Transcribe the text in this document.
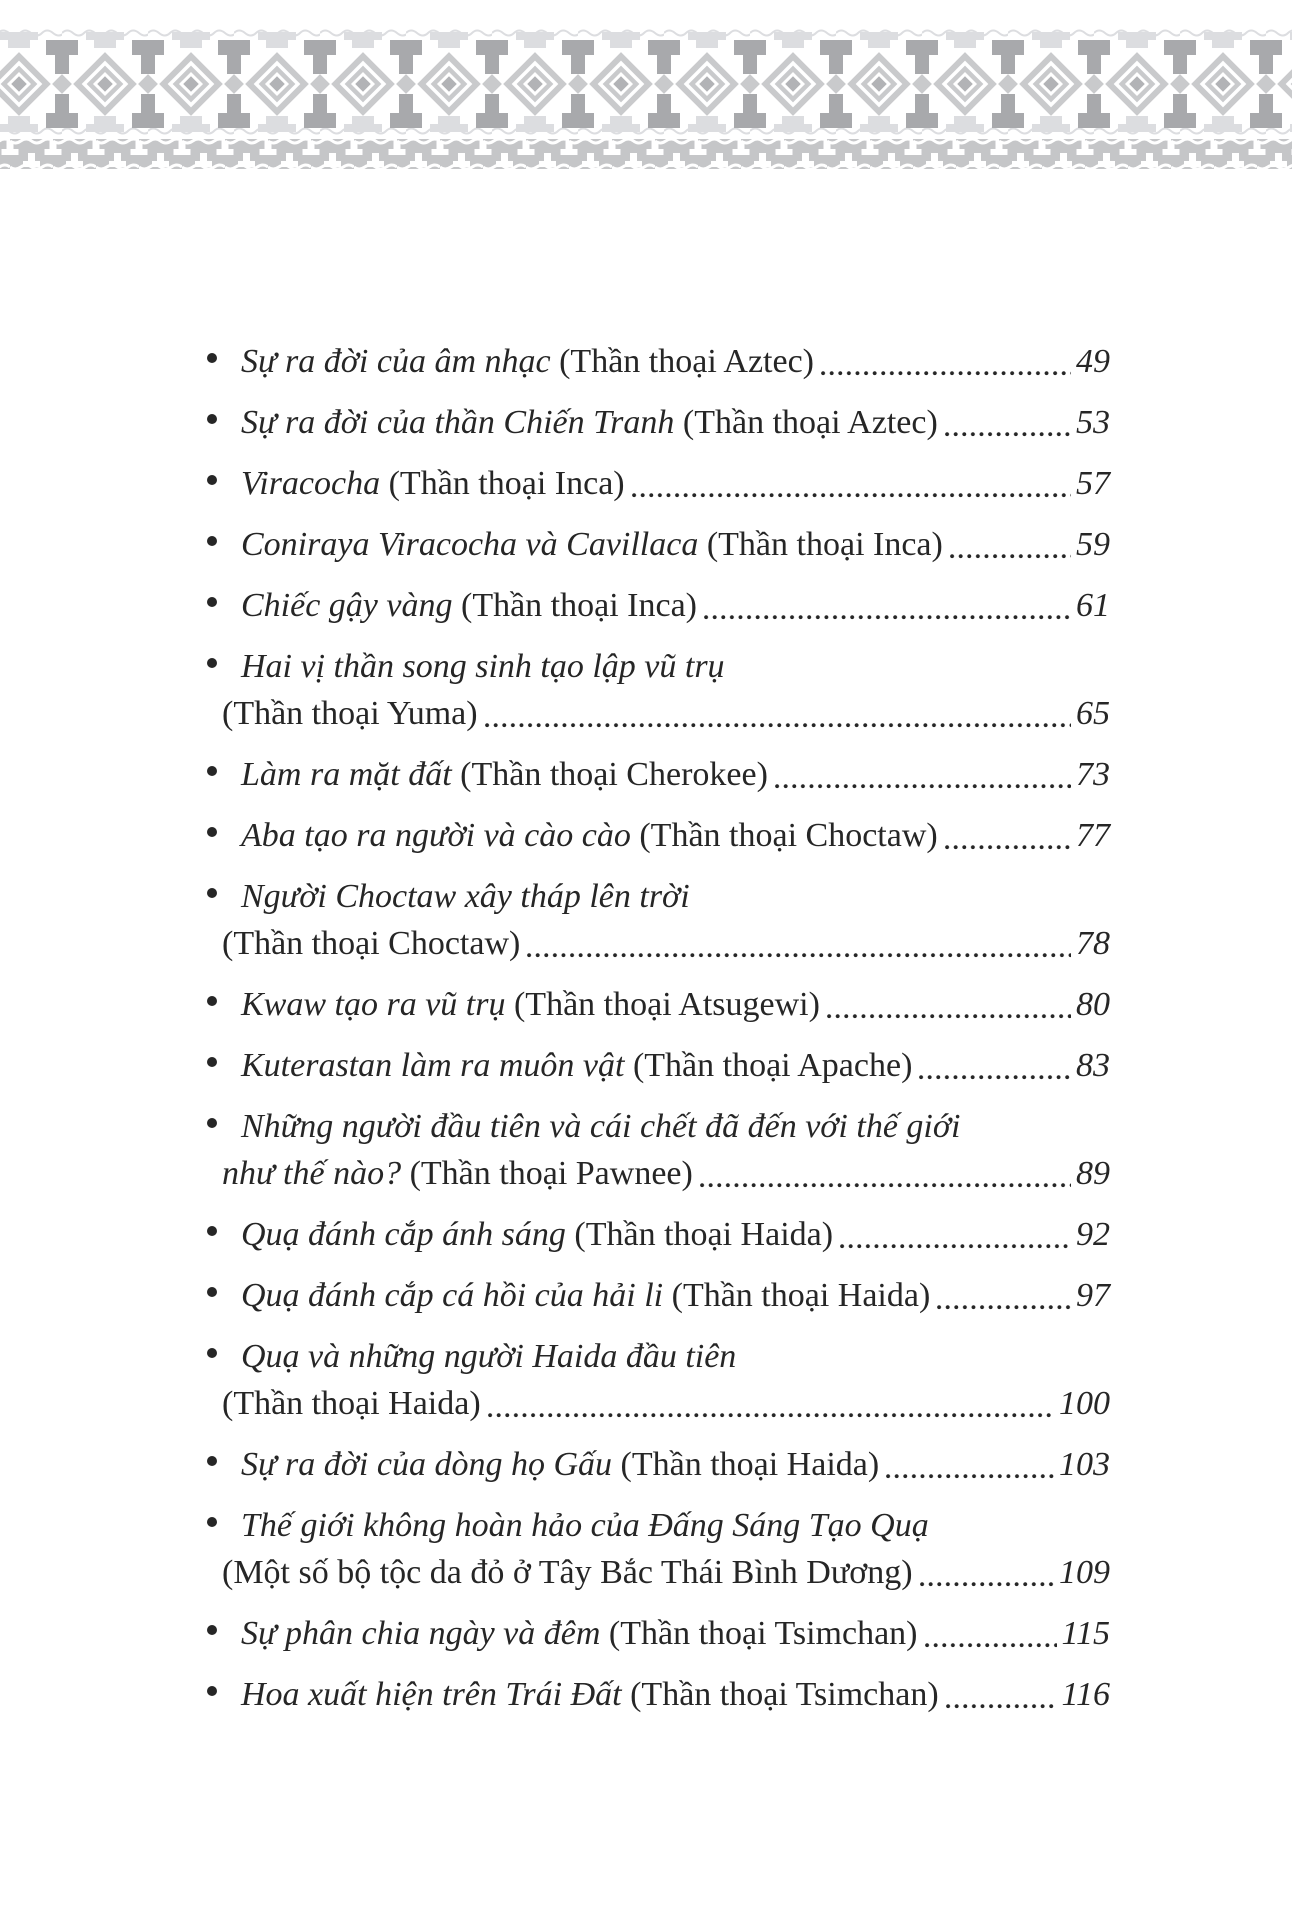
Sự ra đời của âm nhạc (Thần thoại Aztec)	49
Sự ra đời của thần Chiến Tranh (Thần thoại Aztec)	53
Viracocha (Thần thoại Inca)	57
Coniraya Viracocha và Cavillaca (Thần thoại Inca)	59
Chiếc gậy vàng (Thần thoại Inca)	61
Hai vị thần song sinh tạo lập vũ trụ
(Thần thoại Yuma)	65
Làm ra mặt đất (Thần thoại Cherokee)	73
Aba tạo ra người và cào cào (Thần thoại Choctaw)	77
Người Choctaw xây tháp lên trời
(Thần thoại Choctaw)	78
Kwaw tạo ra vũ trụ (Thần thoại Atsugewi)	80
Kuterastan làm ra muôn vật (Thần thoại Apache)	83
Những người đầu tiên và cái chết đã đến với thế giới
như thế nào? (Thần thoại Pawnee)	89
Quạ đánh cắp ánh sáng (Thần thoại Haida)	92
Quạ đánh cắp cá hồi của hải li (Thần thoại Haida)	97
Quạ và những người Haida đầu tiên
(Thần thoại Haida)	100
Sự ra đời của dòng họ Gấu (Thần thoại Haida)	103
Thế giới không hoàn hảo của Đấng Sáng Tạo Quạ
(Một số bộ tộc da đỏ ở Tây Bắc Thái Bình Dương)	109
Sự phân chia ngày và đêm (Thần thoại Tsimchan)	115
Hoa xuất hiện trên Trái Đất (Thần thoại Tsimchan)	116
